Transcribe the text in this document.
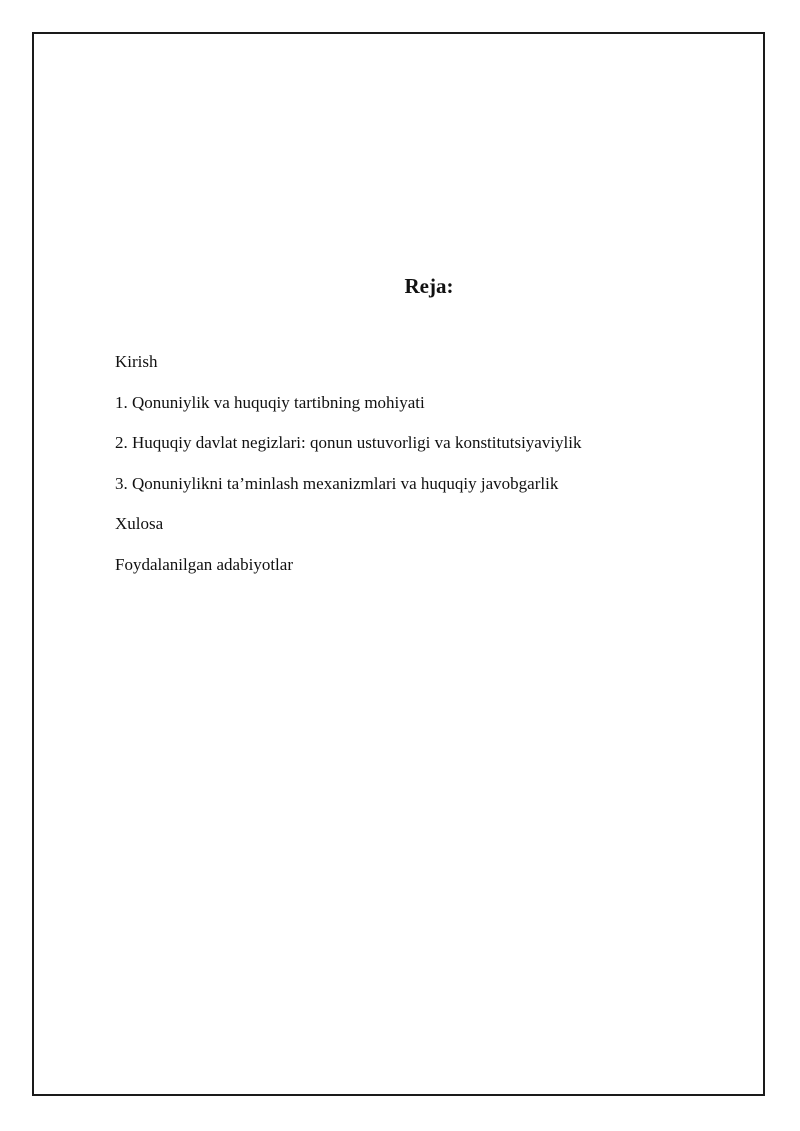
Reja:
Kirish
1. Qonuniylik va huquqiy tartibning mohiyati
2. Huquqiy davlat negizlari: qonun ustuvorligi va konstitutsiyaviylik
3. Qonuniylikni ta’minlash mexanizmlari va huquqiy javobgarlik
Xulosa
Foydalanilgan adabiyotlar
